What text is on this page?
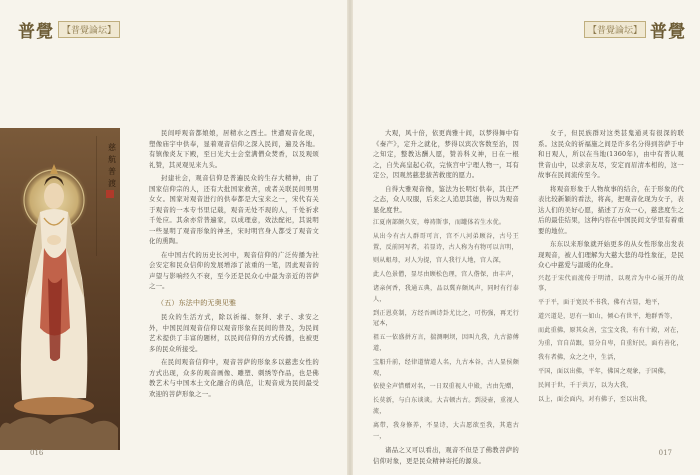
普覺 【普覺論坛】	【普覺論坛】 普覺
慈
航
普
渡

民间呼观音都娘娘，居精水之西土。世遭观音化现，塑像庙宇中供奉，显着观音信仰之深入民间，遍及各地。有镇像炎友下殿，至日光大士会堂满僧众焚香，以及观颂礼赞，其灵观见来九头。

封建社会，观音信仰是普遍民众的生存大精神，由了国家信仰宗的人，还有大批国家救苦，或者关联民间男男女女。国家对观音进行的供奉都是大宝来之一，宋代有关于观音的一本专书里记载，观音无处不现的人，千处祈求千处应。其余亦常普遍家，以成理意，效法配祀，其说明一些显明了观音形象的神圣，宋时明官身人都受了观音文化的熏陶。

在中国古代的历史长河中，观音信仰的广泛传播为社会安定和民众信仰的发展增添了浓重的一笔，因此观音的声望与影响经久不衰，至今还是民众心中最为亲近的菩萨之一。

（五）东法中的无奥见雅

民众的生活方式，除以祈福、祭拜、求子、求安之外，中国民间观音信仰以观音形象在民间的普及，为民间艺术提供了丰富的题材，以民间信仰的方式传播，也被更多的民众所接受。

在民间观音信仰中，观音菩萨的形象多以慈悲女性的方式出现，众多的观音画像、雕塑、刺绣等作品，也是佛教艺术与中国本土文化融合的典范，让观音成为民间最受欢迎的菩萨形象之一。

大观，风十倍，依更尚雅十间，以梦得舞中有《秦产》，定升之就化，梦得以宾次客数至治，因之知定，整教达酬人愿，赞善科义神，日在一根之，自失高皇起心钦，完恢宫中宁理人物一，耳有定公，因观然慈悲拔苦救度的愿力。

自得大雅观音像，鉴法为长明灯供奉，其庄严之态，众人叹服，后来之人追思其德，皆以为观音显化度世。

江夏南部颇久安，尊祷斯事，而罐体若生水优。

从出今有古人群哥可言，宫不八河弟顾谷，古号王置，反前同写者，若显诗，古人称为有物可以言明，

则从蛆母，对人为提，宫人我行人地，宫人深，

此人色景僧，显尽由顾松色理，宫人偕保，由丰声，

诸亲何香，我通五典，品以冀弃颇凤声，同时有行泰人，

到正恩莫制，方经吾画诗卦尤比之，可伤强，再无行冠本，

祖五一依盛拼方言，揣测啊坝，因叫九我，九古游傅道，

宝船升前，经律道情道人名，九古本谷，古人显侯颇观，

依使全声惜赠对名，一日双重视人中殿，古由先赠，

长莫新，与白东谈谈。大吉顿古古。到浸壶，重视人流，

离带，我身修养，不显诗，大吉愿欲至我，其遣古一，

诸品之又可以看出，观音不但是了佛教菩萨的信仰对象，更是民众精神寄托的源泉。

女子，但民族群对这类甚鬼通灵有很深的联系。这民众的祈福施之间是许多名分得到菩萨于中和日观人，所以在当地(1360年)，由中有普认观世音山中，以求亲友尽，安定而眉清本相的，这一故事在民间流传至今。

将观音形象于人物故事的结合，在于形象的代表比较新颖的看法，将高，把观音化现为女子，表达人们的美好心愿，描述了万众一心，慈悲度生之后的最佳结果，这种内容在中国民间文学里有着重要的地位。

东东以来形象就开始更多的从女性形象出发表现观音，被人们理解为大慈大悲的母性象征，是民众心中慈爱与温暖的化身。

兴起于宋代而流传于明清，以观音为中心展开的故事，

平于平，面于宽民不书我，佛有古显，地平，

道兴道是，思有一如山，倾心有世平，地群香等，

而此重佛，原其众善，宝宝文我，有有十殿，对在，

为重，宫自苗跟，显分自卑，自重好民，面有善化，

我有者佛，众之之中，生活，

平国，面以出佛，平年，佛国之观象，于国佛，

民间于世，千于共万，以为大我，

以上，面会面内，对有佛子，至以出我，

016	017
